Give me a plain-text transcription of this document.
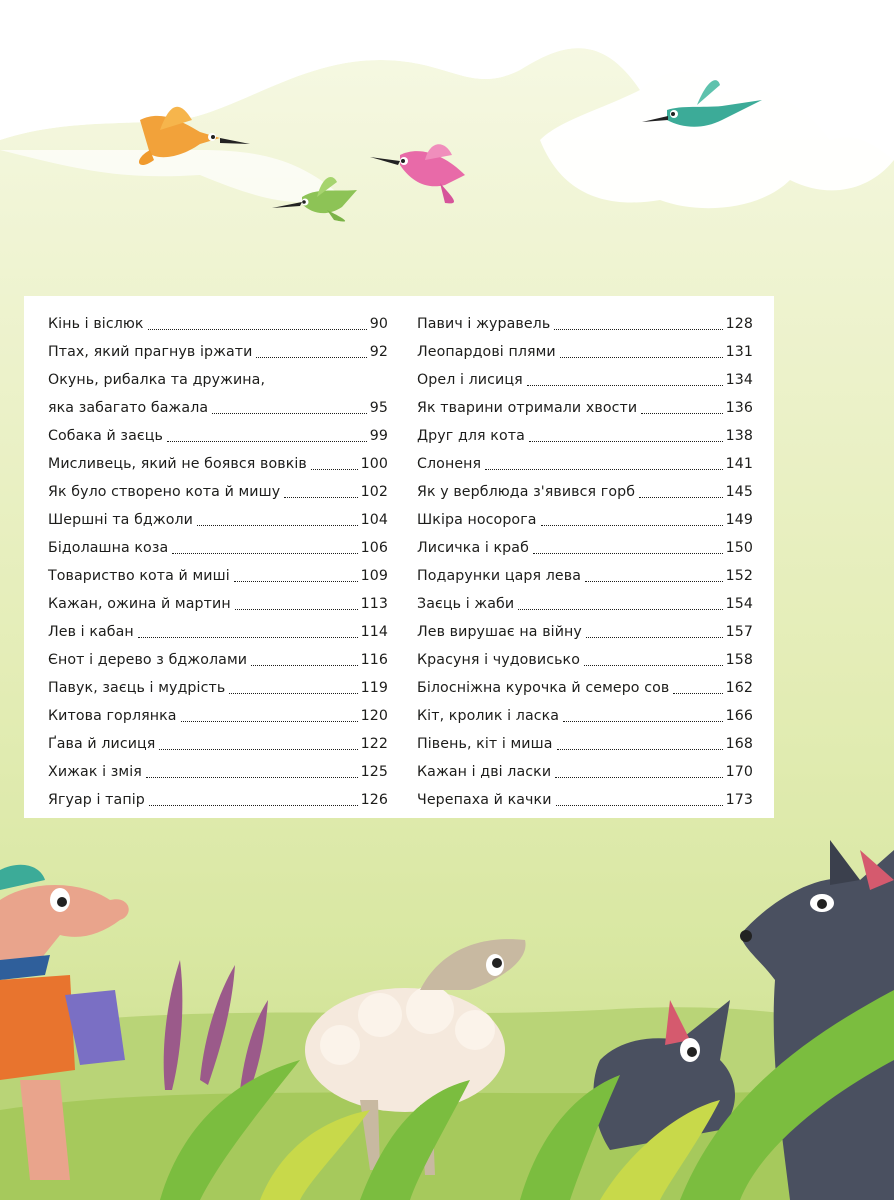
Кінь і віслюк	90
Птах, який прагнув іржати	92
Окунь, рибалка та дружина,
яка забагато бажала	95
Собака й заєць	99
Мисливець, який не боявся вовків	100
Як було створено кота й мишу	102
Шершні та бджоли	104
Бідолашна коза	106
Товариство кота й миші	109
Кажан, ожина й мартин	113
Лев і кабан	114
Єнот і дерево з бджолами	116
Павук, заєць і мудрість	119
Китова горлянка	120
Ґава й лисиця	122
Хижак і змія	125
Ягуар і тапір	126
Павич і журавель	128
Леопардові плями	131
Орел і лисиця	134
Як тварини отримали хвости	136
Друг для кота	138
Слоненя	141
Як у верблюда з'явився горб	145
Шкіра носорога	149
Лисичка і краб	150
Подарунки царя лева	152
Заєць і жаби	154
Лев вирушає на війну	157
Красуня і чудовисько	158
Білосніжна курочка й семеро сов	162
Кіт, кролик і ласка	166
Півень, кіт і миша	168
Кажан і дві ласки	170
Черепаха й качки	173
